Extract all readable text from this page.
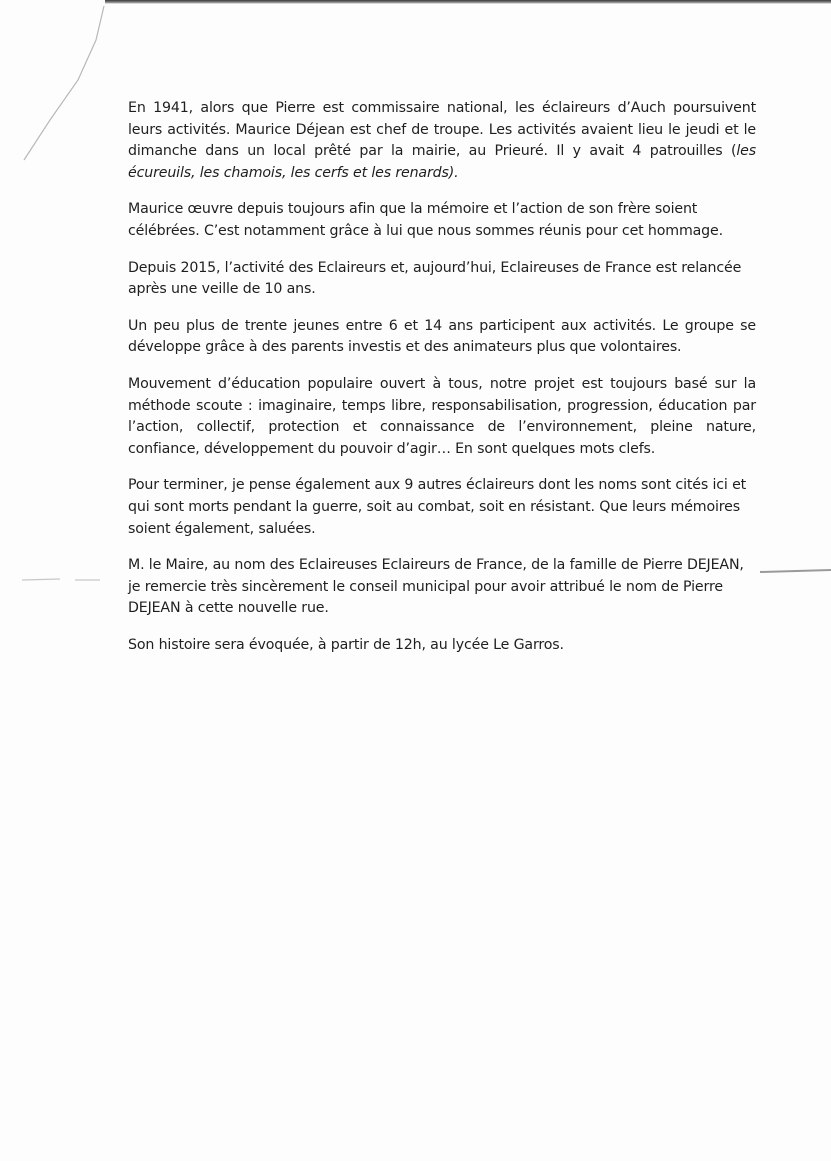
En 1941, alors que Pierre est commissaire national, les éclaireurs d’Auch poursuivent leurs activités. Maurice Déjean est chef de troupe. Les activités avaient lieu le jeudi et le dimanche dans un local prêté par la mairie, au Prieuré. Il y avait 4 patrouilles (les écureuils, les chamois, les cerfs et les renards).

Maurice œuvre depuis toujours afin que la mémoire et l’action de son frère soient célébrées. C’est notamment grâce à lui que nous sommes réunis pour cet hommage.

Depuis 2015, l’activité des Eclaireurs et, aujourd’hui, Eclaireuses de France est relancée après une veille de 10 ans.

Un peu plus de trente jeunes entre 6 et 14 ans participent aux activités. Le groupe se développe grâce à des parents investis et des animateurs plus que volontaires.

Mouvement d’éducation populaire ouvert à tous, notre projet est toujours basé sur la méthode scoute : imaginaire, temps libre, responsabilisation, progression, éducation par l’action, collectif, protection et connaissance de l’environnement, pleine nature, confiance, développement du pouvoir d’agir… En sont quelques mots clefs.

Pour terminer, je pense également aux 9 autres éclaireurs dont les noms sont cités ici et qui sont morts pendant la guerre, soit au combat, soit en résistant. Que leurs mémoires soient également, saluées.

M. le Maire, au nom des Eclaireuses Eclaireurs de France, de la famille de Pierre DEJEAN, je remercie très sincèrement le conseil municipal pour avoir attribué le nom de Pierre DEJEAN à cette nouvelle rue.

Son histoire sera évoquée, à partir de 12h, au lycée Le Garros.
